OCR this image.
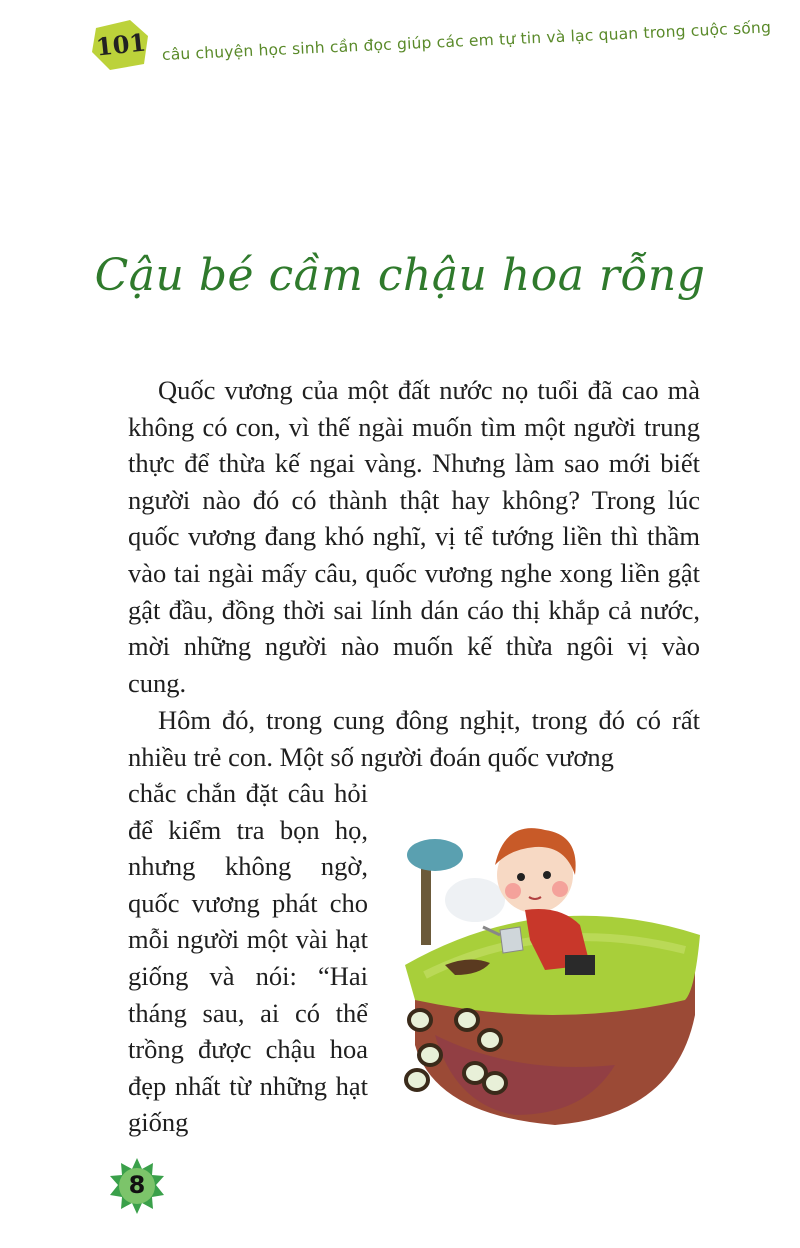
101 câu chuyện học sinh cần đọc giúp các em tự tin và lạc quan trong cuộc sống
Cậu bé cầm chậu hoa rỗng

Quốc vương của một đất nước nọ tuổi đã cao mà không có con, vì thế ngài muốn tìm một người trung thực để thừa kế ngai vàng. Nhưng làm sao mới biết người nào đó có thành thật hay không? Trong lúc quốc vương đang khó nghĩ, vị tể tướng liền thì thầm vào tai ngài mấy câu, quốc vương nghe xong liền gật gật đầu, đồng thời sai lính dán cáo thị khắp cả nước, mời những người nào muốn kế thừa ngôi vị vào cung.

Hôm đó, trong cung đông nghịt, trong đó có rất nhiều trẻ con. Một số người đoán quốc vương

chắc chắn đặt câu hỏi để kiểm tra bọn họ, nhưng không ngờ, quốc vương phát cho mỗi người một vài hạt giống và nói: “Hai tháng sau, ai có thể trồng được chậu hoa đẹp nhất từ những hạt giống

8
